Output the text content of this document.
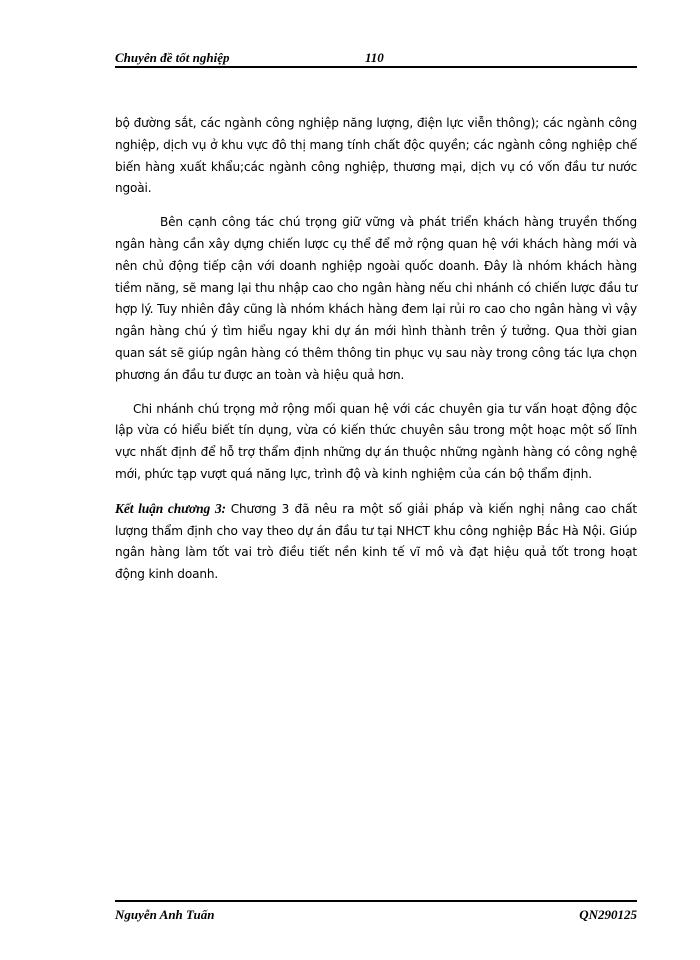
Chuyên đề tốt nghiệp	110

bộ đường sắt, các ngành công nghiệp năng lượng, điện lực viễn thông); các ngành công nghiệp, dịch vụ ở khu vực đô thị mang tính chất độc quyền; các ngành công nghiệp chế biến hàng xuất khẩu;các ngành công nghiệp, thương mại, dịch vụ có vốn đầu tư nước ngoài.

Bên cạnh công tác chú trọng giữ vững và phát triển khách hàng truyền thống ngân hàng cần xây dựng chiến lược cụ thể để mở rộng quan hệ với khách hàng mới và nên chủ động tiếp cận với doanh nghiệp ngoài quốc doanh. Đây là nhóm khách hàng tiềm năng, sẽ mang lại thu nhập cao cho ngân hàng nếu chi nhánh có chiến lược đầu tư hợp lý. Tuy nhiên đây cũng là nhóm khách hàng đem lại rủi ro cao cho ngân hàng vì vậy ngân hàng chú ý tìm hiểu ngay khi dự án mới hình thành trên ý tưởng. Qua thời gian quan sát sẽ giúp ngân hàng có thêm thông tin phục vụ sau này trong công tác lựa chọn phương án đầu tư được an toàn và hiệu quả hơn.

Chi nhánh chú trọng mở rộng mối quan hệ với các chuyên gia tư vấn hoạt động độc lập vừa có hiểu biết tín dụng, vừa có kiến thức chuyên sâu trong một hoạc một số lĩnh vực nhất định để hỗ trợ thẩm định những dự án thuộc những ngành hàng có công nghệ mới, phức tạp vượt quá năng lực, trình độ và kinh nghiệm của cán bộ thẩm định.

Kết luận chương 3: Chương 3 đã nêu ra một số giải pháp và kiến nghị nâng cao chất lượng thẩm định cho vay theo dự án đầu tư tại NHCT khu công nghiệp Bắc Hà Nội. Giúp ngân hàng làm tốt vai trò điều tiết nền kinh tế vĩ mô và đạt hiệu quả tốt trong hoạt động kinh doanh.

Nguyễn Anh Tuấn	QN290125
